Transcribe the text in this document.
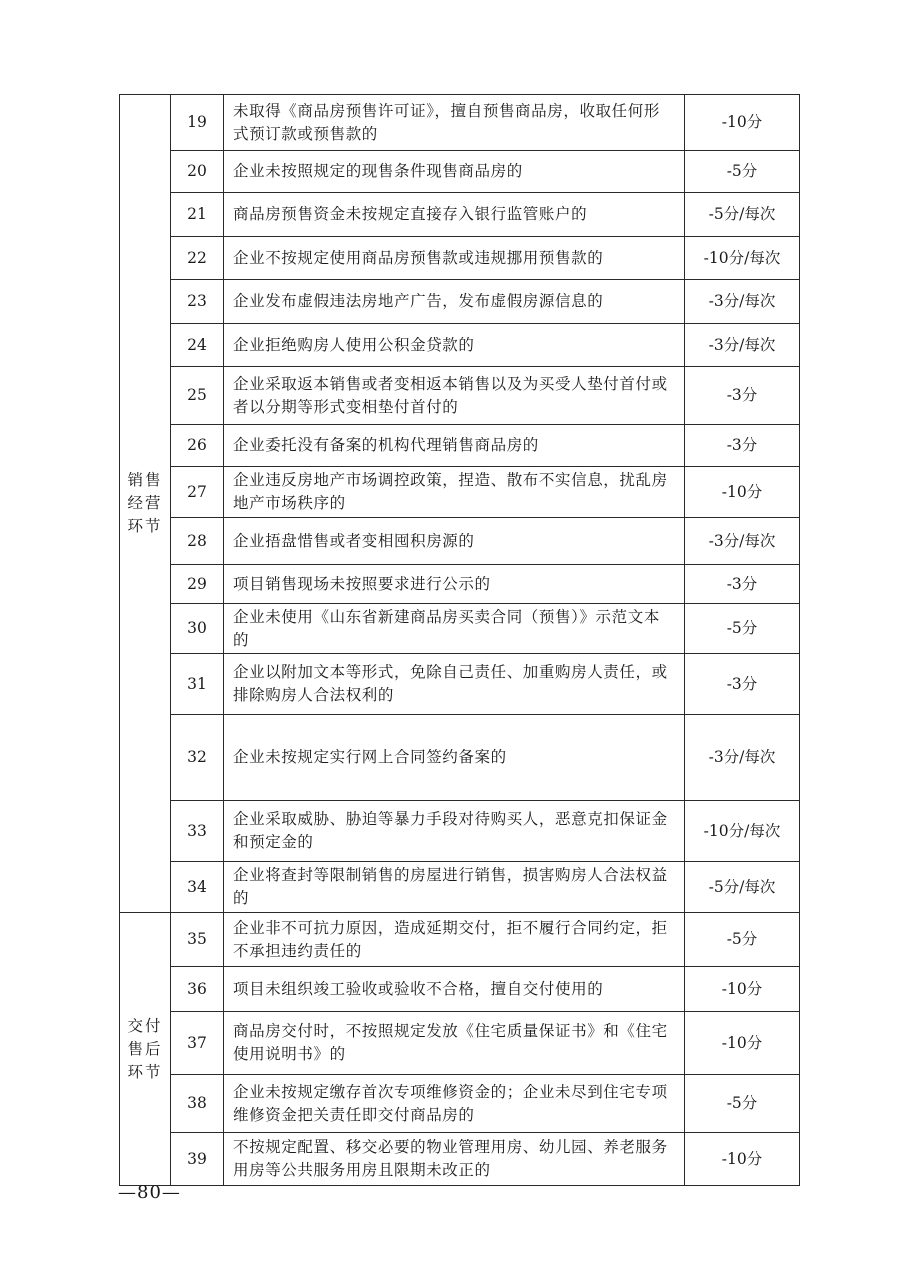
销售
经营
环节	19	未取得《商品房预售许可证》，擅自预售商品房，收取任何形式预订款或预售款的	-10分
	20	企业未按照规定的现售条件现售商品房的	-5分
	21	商品房预售资金未按规定直接存入银行监管账户的	-5分/每次
	22	企业不按规定使用商品房预售款或违规挪用预售款的	-10分/每次
	23	企业发布虚假违法房地产广告，发布虚假房源信息的	-3分/每次
	24	企业拒绝购房人使用公积金贷款的	-3分/每次
	25	企业采取返本销售或者变相返本销售以及为买受人垫付首付或者以分期等形式变相垫付首付的	-3分
	26	企业委托没有备案的机构代理销售商品房的	-3分
	27	企业违反房地产市场调控政策，捏造、散布不实信息，扰乱房地产市场秩序的	-10分
	28	企业捂盘惜售或者变相囤积房源的	-3分/每次
	29	项目销售现场未按照要求进行公示的	-3分
	30	企业未使用《山东省新建商品房买卖合同（预售）》示范文本的	-5分
	31	企业以附加文本等形式，免除自己责任、加重购房人责任，或排除购房人合法权利的	-3分
	32	企业未按规定实行网上合同签约备案的	-3分/每次
	33	企业采取威胁、胁迫等暴力手段对待购买人，恶意克扣保证金和预定金的	-10分/每次
	34	企业将查封等限制销售的房屋进行销售，损害购房人合法权益的	-5分/每次

交付
售后
环节	35	企业非不可抗力原因，造成延期交付，拒不履行合同约定，拒不承担违约责任的	-5分
	36	项目未组织竣工验收或验收不合格，擅自交付使用的	-10分
	37	商品房交付时，不按照规定发放《住宅质量保证书》和《住宅使用说明书》的	-10分
	38	企业未按规定缴存首次专项维修资金的；企业未尽到住宅专项维修资金把关责任即交付商品房的	-5分
	39	不按规定配置、移交必要的物业管理用房、幼儿园、养老服务用房等公共服务用房且限期未改正的	-10分
—80—
